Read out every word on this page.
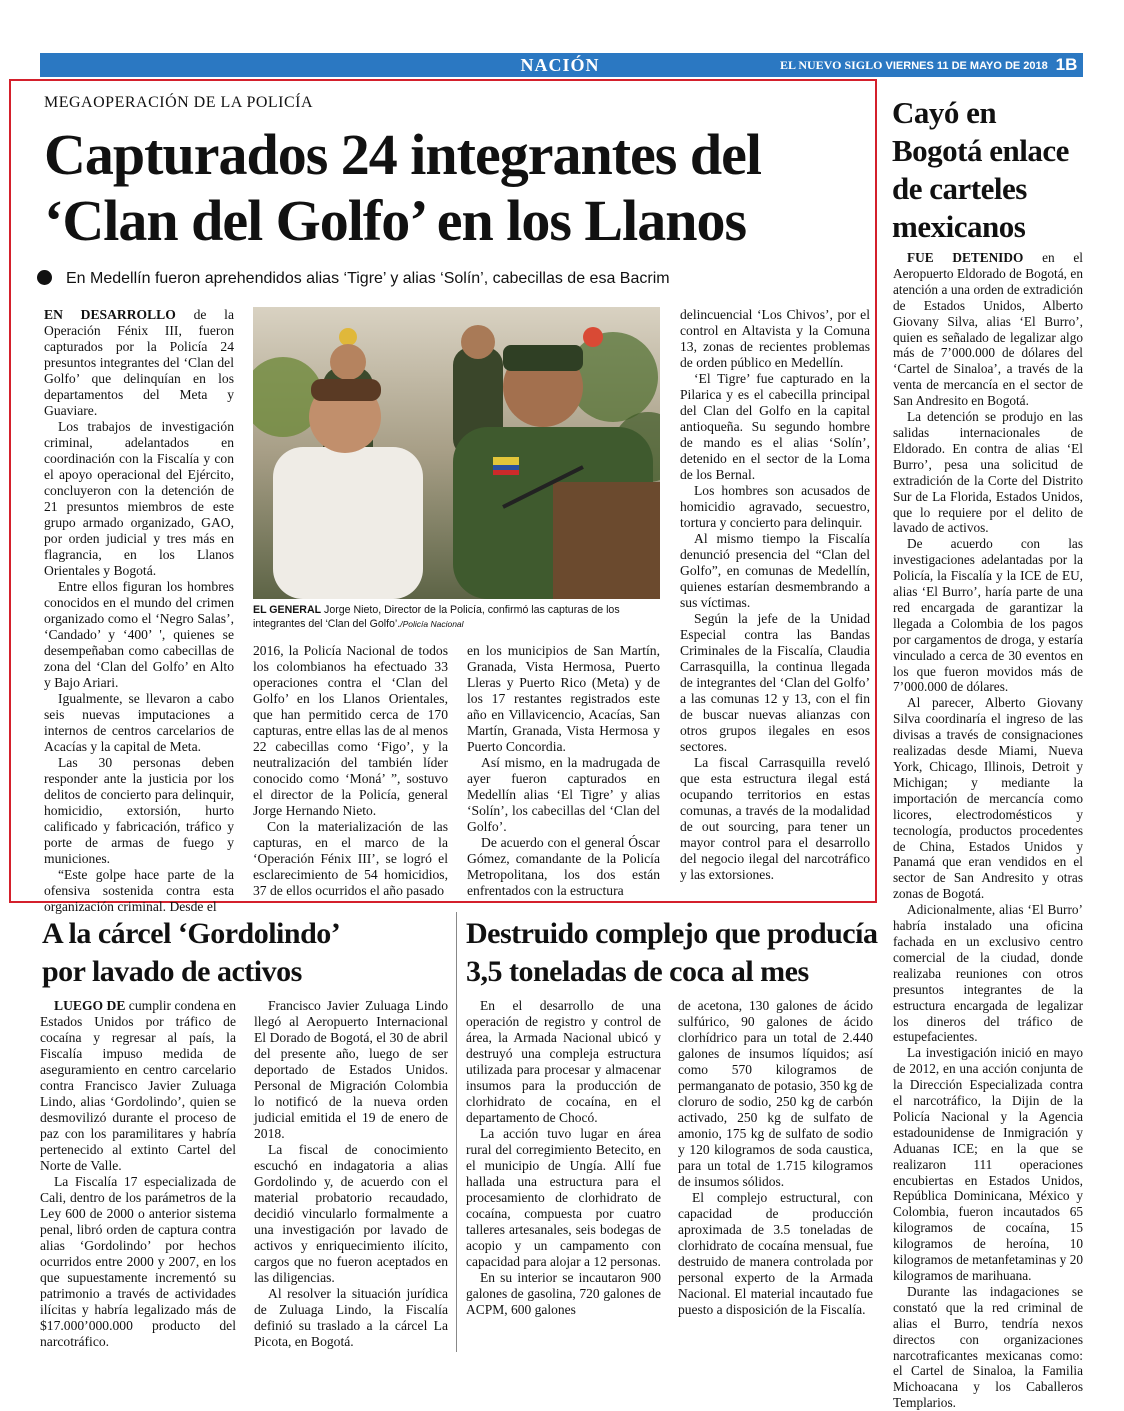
NACIÓN	EL NUEVO SIGLO VIERNES 11 DE MAYO DE 2018 1B
MEGAOPERACIÓN DE LA POLICÍA
Capturados 24 integrantes del
‘Clan del Golfo’ en los Llanos
En Medellín fueron aprehendidos alias ‘Tigre’ y alias ‘Solín’, cabecillas de esa Bacrim

EN DESARROLLO de la Operación Fénix III, fueron capturados por la Policía 24 presuntos integrantes del ‘Clan del Golfo’ que delinquían en los departamentos del Meta y Guaviare.

Los trabajos de investigación criminal, adelantados en coordinación con la Fiscalía y con el apoyo operacional del Ejército, concluyeron con la detención de 21 presuntos miembros de este grupo armado organizado, GAO, por orden judicial y tres más en flagrancia, en los Llanos Orientales y Bogotá.

Entre ellos figuran los hombres conocidos en el mundo del crimen organizado como el ‘Negro Salas’, ‘Candado’ y ‘400’ ', quienes se desempeñaban como cabecillas de zona del ‘Clan del Golfo’ en Alto y Bajo Ariari.

Igualmente, se llevaron a cabo seis nuevas imputaciones a internos de centros carcelarios de Acacías y la capital de Meta.

Las 30 personas deben responder ante la justicia por los delitos de concierto para delinquir, homicidio, extorsión, hurto calificado y fabricación, tráfico y porte de armas de fuego y municiones.

“Este golpe hace parte de la ofensiva sostenida contra esta organización criminal. Desde el

EL GENERAL Jorge Nieto, Director de la Policía, confirmó las capturas de los integrantes del ‘Clan del Golfo’./Policía Nacional

2016, la Policía Nacional de todos los colombianos ha efectuado 33 operaciones contra el ‘Clan del Golfo’ en los Llanos Orientales, que han permitido cerca de 170 capturas, entre ellas las de al menos 22 cabecillas como ‘Figo’, y la neutralización del también líder conocido como ‘Moná’ ”, sostuvo el director de la Policía, general Jorge Hernando Nieto.

Con la materialización de las capturas, en el marco de la ‘Operación Fénix III’, se logró el esclarecimiento de 54 homicidios, 37 de ellos ocurridos el año pasado

en los municipios de San Martín, Granada, Vista Hermosa, Puerto Lleras y Puerto Rico (Meta) y de los 17 restantes registrados este año en Villavicencio, Acacías, San Martín, Granada, Vista Hermosa y Puerto Concordia.

Así mismo, en la madrugada de ayer fueron capturados en Medellín alias ‘El Tigre’ y alias ‘Solín’, los cabecillas del ‘Clan del Golfo’.

De acuerdo con el general Óscar Gómez, comandante de la Policía Metropolitana, los dos están enfrentados con la estructura

delincuencial ‘Los Chivos’, por el control en Altavista y la Comuna 13, zonas de recientes problemas de orden público en Medellín.

‘El Tigre’ fue capturado en la Pilarica y es el cabecilla principal del Clan del Golfo en la capital antioqueña. Su segundo hombre de mando es el alias ‘Solín’, detenido en el sector de la Loma de los Bernal.

Los hombres son acusados de homicidio agravado, secuestro, tortura y concierto para delinquir.

Al mismo tiempo la Fiscalía denunció presencia del “Clan del Golfo”, en comunas de Medellín, quienes estarían desmembrando a sus víctimas.

Según la jefe de la Unidad Especial contra las Bandas Criminales de la Fiscalía, Claudia Carrasquilla, la continua llegada de integrantes del ‘Clan del Golfo’ a las comunas 12 y 13, con el fin de buscar nuevas alianzas con otros grupos ilegales en esos sectores.

La fiscal Carrasquilla reveló que esta estructura ilegal está ocupando territorios en estas comunas, a través de la modalidad de out sourcing, para tener un mayor control para el desarrollo del negocio ilegal del narcotráfico y las extorsiones.

Cayó en Bogotá enlace de carteles mexicanos

FUE DETENIDO en el Aeropuerto Eldorado de Bogotá, en atención a una orden de extradición de Estados Unidos, Alberto Giovany Silva, alias ‘El Burro’, quien es señalado de legalizar algo más de 7’000.000 de dólares del ‘Cartel de Sinaloa’, a través de la venta de mercancía en el sector de San Andresito en Bogotá.

La detención se produjo en las salidas internacionales de Eldorado. En contra de alias ‘El Burro’, pesa una solicitud de extradición de la Corte del Distrito Sur de La Florida, Estados Unidos, que lo requiere por el delito de lavado de activos.

De acuerdo con las investigaciones adelantadas por la Policía, la Fiscalía y la ICE de EU, alias ‘El Burro’, haría parte de una red encargada de garantizar la llegada a Colombia de los pagos por cargamentos de droga, y estaría vinculado a cerca de 30 eventos en los que fueron movidos más de 7’000.000 de dólares.

Al parecer, Alberto Giovany Silva coordinaría el ingreso de las divisas a través de consignaciones realizadas desde Miami, Nueva York, Chicago, Illinois, Detroit y Michigan; y mediante la importación de mercancía como licores, electrodomésticos y tecnología, productos procedentes de China, Estados Unidos y Panamá que eran vendidos en el sector de San Andresito y otras zonas de Bogotá.

Adicionalmente, alias ‘El Burro’ habría instalado una oficina fachada en un exclusivo centro comercial de la ciudad, donde realizaba reuniones con otros presuntos integrantes de la estructura encargada de legalizar los dineros del tráfico de estupefacientes.

La investigación inició en mayo de 2012, en una acción conjunta de la Dirección Especializada contra el narcotráfico, la Dijin de la Policía Nacional y la Agencia estadounidense de Inmigración y Aduanas ICE; en la que se realizaron 111 operaciones encubiertas en Estados Unidos, República Dominicana, México y Colombia, fueron incautados 65 kilogramos de cocaína, 15 kilogramos de heroína, 10 kilogramos de metanfetaminas y 20 kilogramos de marihuana.

Durante las indagaciones se constató que la red criminal de alias el Burro, tendría nexos directos con organizaciones narcotraficantes mexicanas como: el Cartel de Sinaloa, la Familia Michoacana y los Caballeros Templarios.

A la cárcel ‘Gordolindo’
por lavado de activos

LUEGO DE cumplir condena en Estados Unidos por tráfico de cocaína y regresar al país, la Fiscalía impuso medida de aseguramiento en centro carcelario contra Francisco Javier Zuluaga Lindo, alias ‘Gordolindo’, quien se desmovilizó durante el proceso de paz con los paramilitares y habría pertenecido al extinto Cartel del Norte de Valle.

La Fiscalía 17 especializada de Cali, dentro de los parámetros de la Ley 600 de 2000 o anterior sistema penal, libró orden de captura contra alias ‘Gordolindo’ por hechos ocurridos entre 2000 y 2007, en los que supuestamente incrementó su patrimonio a través de actividades ilícitas y habría legalizado más de $17.000’000.000 producto del narcotráfico.

Francisco Javier Zuluaga Lindo llegó al Aeropuerto Internacional El Dorado de Bogotá, el 30 de abril del presente año, luego de ser deportado de Estados Unidos. Personal de Migración Colombia lo notificó de la nueva orden judicial emitida el 19 de enero de 2018.

La fiscal de conocimiento escuchó en indagatoria a alias Gordolindo y, de acuerdo con el material probatorio recaudado, decidió vincularlo formalmente a una investigación por lavado de activos y enriquecimiento ilícito, cargos que no fueron aceptados en las diligencias.

Al resolver la situación jurídica de Zuluaga Lindo, la Fiscalía definió su traslado a la cárcel La Picota, en Bogotá.

Destruido complejo que producía
3,5 toneladas de coca al mes

En el desarrollo de una operación de registro y control de área, la Armada Nacional ubicó y destruyó una compleja estructura utilizada para procesar y almacenar insumos para la producción de clorhidrato de cocaína, en el departamento de Chocó.

La acción tuvo lugar en área rural del corregimiento Betecito, en el municipio de Ungía. Allí fue hallada una estructura para el procesamiento de clorhidrato de cocaína, compuesta por cuatro talleres artesanales, seis bodegas de acopio y un campamento con capacidad para alojar a 12 personas.

En su interior se incautaron 900 galones de gasolina, 720 galones de ACPM, 600 galones

de acetona, 130 galones de ácido sulfúrico, 90 galones de ácido clorhídrico para un total de 2.440 galones de insumos líquidos; así como 570 kilogramos de permanganato de potasio, 350 kg de cloruro de sodio, 250 kg de carbón activado, 250 kg de sulfato de amonio, 175 kg de sulfato de sodio y 120 kilogramos de soda caustica, para un total de 1.715 kilogramos de insumos sólidos.

El complejo estructural, con capacidad de producción aproximada de 3.5 toneladas de clorhidrato de cocaína mensual, fue destruido de manera controlada por personal experto de la Armada Nacional. El material incautado fue puesto a disposición de la Fiscalía.
